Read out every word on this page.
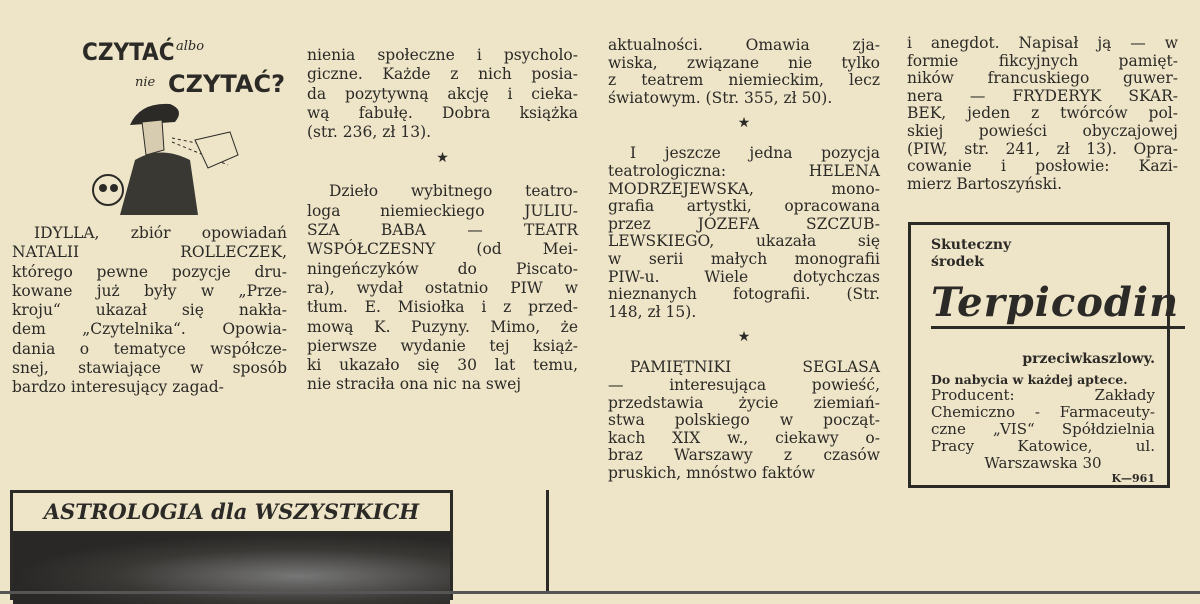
CZYTAĆ albo
nie CZYTAĆ?
IDYLLA, zbiór opowiadań
NATALII ROLLECZEK,
którego pewne pozycje dru-
kowane już były w „Prze-
kroju“ ukazał się nakła-
dem „Czytelnika“. Opowia-
dania o tematyce współcze-
snej, stawiające w sposób
bardzo interesujący zagad-
nienia społeczne i psycholo-
giczne. Każde z nich posia-
da pozytywną akcję i cieka-
wą fabułę. Dobra książka
(str. 236, zł 13).
★
Dzieło wybitnego teatro-
loga niemieckiego JULIU-
SZA BABA — TEATR
WSPÓŁCZESNY (od Mei-
ningeńczyków do Piscato-
ra), wydał ostatnio PIW w
tłum. E. Misiołka i z przed-
mową K. Puzyny. Mimo, że
pierwsze wydanie tej książ-
ki ukazało się 30 lat temu,
nie straciła ona nic na swej
aktualności. Omawia zja-
wiska, związane nie tylko
z teatrem niemieckim, lecz
światowym. (Str. 355, zł 50).
★
I jeszcze jedna pozycja
teatrologiczna: HELENA
MODRZEJEWSKA, mono-
grafia artystki, opracowana
przez JÓZEFA SZCZUB-
LEWSKIEGO, ukazała się
w serii małych monografii
PIW-u. Wiele dotychczas
nieznanych fotografii. (Str.
148, zł 15).
★
PAMIĘTNIKI SEGLASA
— interesująca powieść,
przedstawia życie ziemiań-
stwa polskiego w począt-
kach XIX w., ciekawy o-
braz Warszawy z czasów
pruskich, mnóstwo faktów
i anegdot. Napisał ją — w
formie fikcyjnych pamięt-
ników francuskiego guwer-
nera — FRYDERYK SKAR-
BEK, jeden z twórców pol-
skiej powieści obyczajowej
(PIW, str. 241, zł 13). Opra-
cowanie i posłowie: Kazi-
mierz Bartoszyński.
Skuteczny
środek
Terpicodin
przeciwkaszlowy.
Do nabycia w każdej aptece.
Producent: Zakłady
Chemiczno - Farmaceuty-
czne „VIS“ Spółdzielnia
Pracy Katowice, ul.
Warszawska 30
K—961
ASTROLOGIA dla WSZYSTKICH
